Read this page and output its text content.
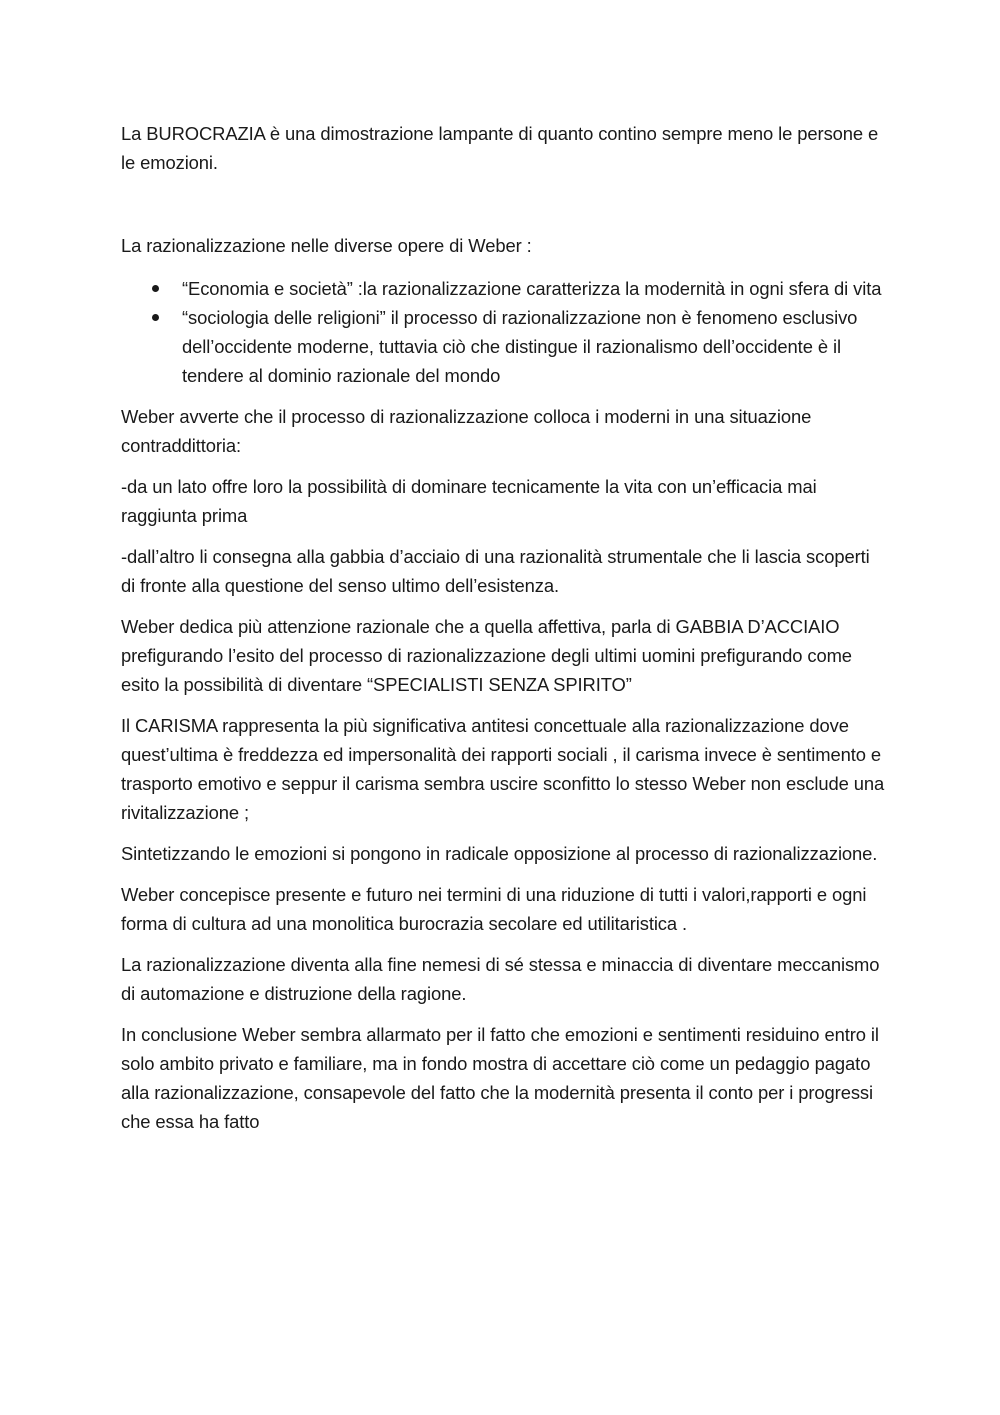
La BUROCRAZIA è una dimostrazione lampante di quanto contino sempre meno le persone e le emozioni.

La razionalizzazione nelle diverse opere di Weber :

“Economia e società” :la razionalizzazione caratterizza la modernità in ogni sfera di vita
“sociologia delle religioni” il processo di razionalizzazione non è fenomeno esclusivo dell’occidente moderne, tuttavia ciò che distingue il razionalismo dell’occidente è il tendere al dominio razionale del mondo

Weber avverte che il processo di razionalizzazione colloca i moderni in una situazione contraddittoria:

-da un lato offre loro la possibilità di dominare tecnicamente la vita con un’efficacia mai raggiunta prima

-dall’altro li consegna alla gabbia d’acciaio di una razionalità strumentale che li lascia scoperti di fronte alla questione del senso ultimo dell’esistenza.

Weber dedica più attenzione razionale che a quella affettiva, parla di GABBIA D’ACCIAIO prefigurando l’esito del processo di razionalizzazione degli ultimi uomini prefigurando come esito la possibilità di diventare “SPECIALISTI SENZA SPIRITO”

Il CARISMA rappresenta la più significativa antitesi concettuale alla razionalizzazione dove quest’ultima è freddezza ed impersonalità dei rapporti sociali , il carisma invece è sentimento e trasporto emotivo e seppur il carisma sembra uscire sconfitto lo stesso Weber non esclude una rivitalizzazione ;

Sintetizzando le emozioni si pongono in radicale opposizione al processo di razionalizzazione.

Weber concepisce presente e futuro nei termini di una riduzione di tutti i valori,rapporti e ogni forma di cultura ad una monolitica burocrazia secolare ed utilitaristica .

La razionalizzazione diventa alla fine nemesi di sé stessa e minaccia di diventare meccanismo di automazione e distruzione della ragione.

In conclusione Weber sembra allarmato per il fatto che emozioni e sentimenti residuino entro il solo ambito privato e familiare, ma in fondo mostra di accettare ciò come un pedaggio pagato alla razionalizzazione, consapevole del fatto che la modernità presenta il conto per i progressi che essa ha fatto
